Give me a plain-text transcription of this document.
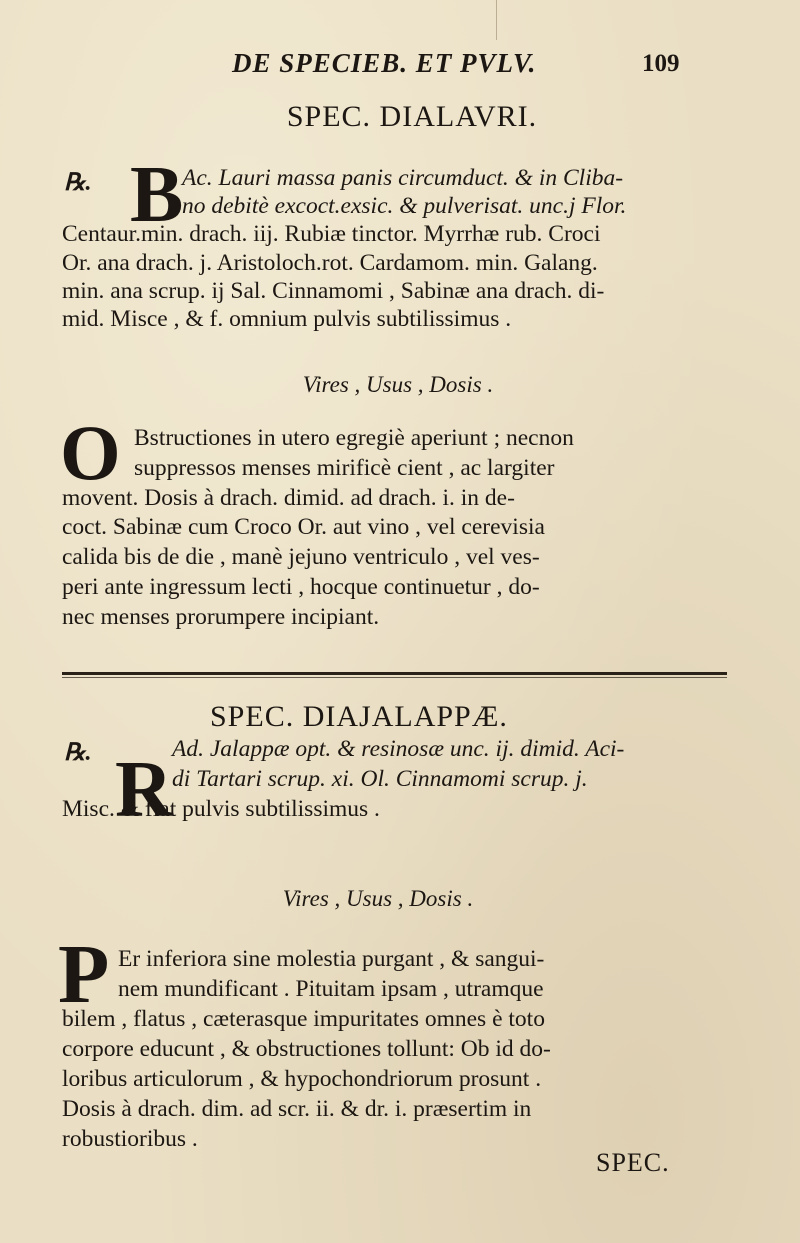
DE SPECIEB. ET PVLV.	109
SPEC. DIALAVRI.
℞. B
Ac. Lauri massa panis circumduct. & in Cliba-
no debitè excoct.exsic. & pulverisat. unc.j Flor.
Centaur.min. drach. iij. Rubiæ tinctor. Myrrhæ rub. Croci
Or. ana drach. j. Aristoloch.rot. Cardamom. min. Galang.
min. ana scrup. ij Sal. Cinnamomi , Sabinæ ana drach. di-
mid. Misce , & f. omnium pulvis subtilissimus .
Vires , Usus , Dosis .
O Bstructiones in utero egregiè aperiunt ; necnon
suppressos menses mirificè cient , ac largiter
movent. Dosis à drach. dimid. ad drach. i. in de-
coct. Sabinæ cum Croco Or. aut vino , vel cerevisia
calida bis de die , manè jejuno ventriculo , vel ves-
peri ante ingressum lecti , hocque continuetur , do-
nec menses prorumpere incipiant.
SPEC. DIAJALAPPÆ.
℞. R Ad. Jalappæ opt. & resinosæ unc. ij. dimid. Aci-
di Tartari scrup. xi. Ol. Cinnamomi scrup. j.
Misc. & fiat pulvis subtilissimus .
Vires , Usus , Dosis .
P Er inferiora sine molestia purgant , & sangui-
nem mundificant . Pituitam ipsam , utramque
bilem , flatus , cæterasque impuritates omnes è toto
corpore educunt , & obstructiones tollunt: Ob id do-
loribus articulorum , & hypochondriorum prosunt .
Dosis à drach. dim. ad scr. ii. & dr. i. præsertim in
robustioribus .
SPEC.
